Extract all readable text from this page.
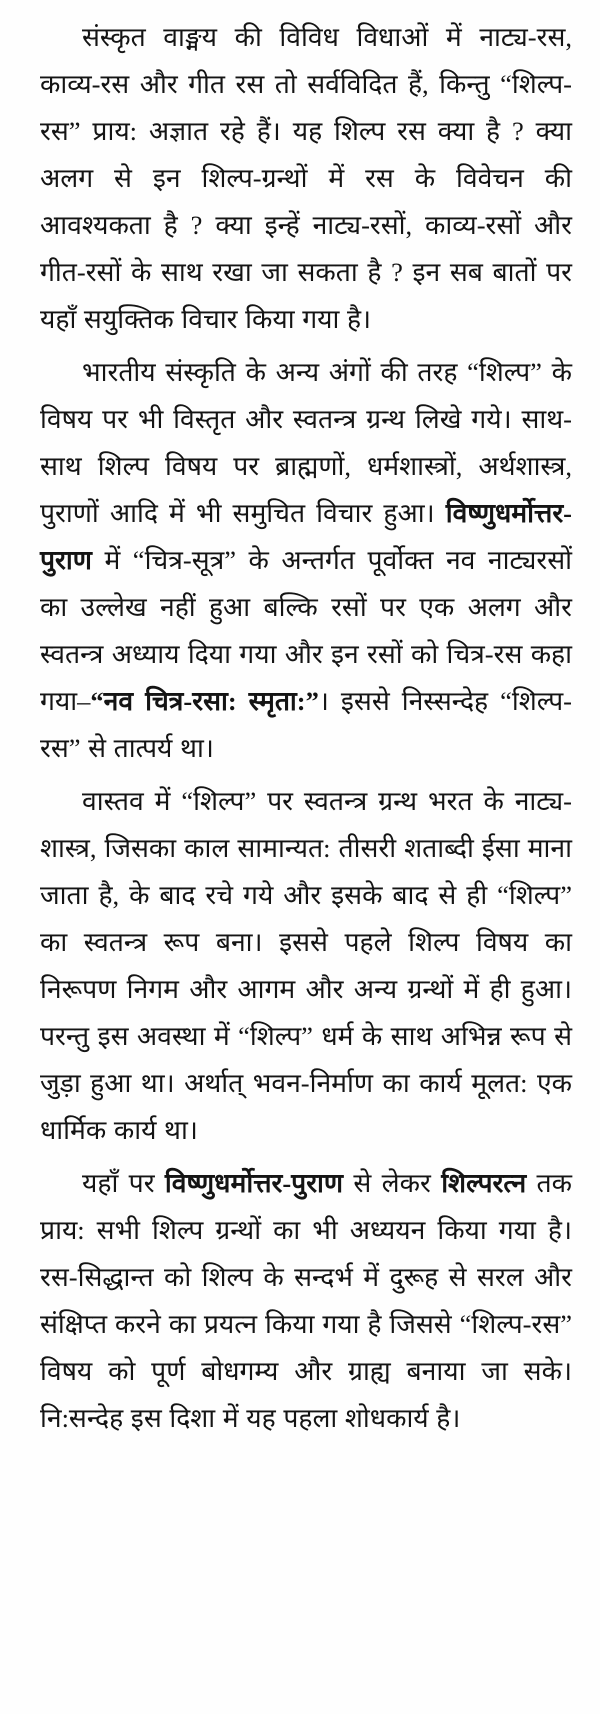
संस्कृत वाङ्मय की विविध विधाओं में नाट्य-रस, काव्य-रस और गीत रस तो सर्वविदित हैं, किन्तु “शिल्प-रस” प्राय: अज्ञात रहे हैं। यह शिल्प रस क्या है ? क्या अलग से इन शिल्प-ग्रन्थों में रस के विवेचन की आवश्यकता है ? क्या इन्हें नाट्य-रसों, काव्य-रसों और गीत-रसों के साथ रखा जा सकता है ? इन सब बातों पर यहाँ सयुक्तिक विचार किया गया है।

भारतीय संस्कृति के अन्य अंगों की तरह “शिल्प” के विषय पर भी विस्तृत और स्वतन्त्र ग्रन्थ लिखे गये। साथ-साथ शिल्प विषय पर ब्राह्मणों, धर्मशास्त्रों, अर्थशास्त्र, पुराणों आदि में भी समुचित विचार हुआ। विष्णुधर्मोत्तर-पुराण में “चित्र-सूत्र” के अन्तर्गत पूर्वोक्त नव नाट्यरसों का उल्लेख नहीं हुआ बल्कि रसों पर एक अलग और स्वतन्त्र अध्याय दिया गया और इन रसों को चित्र-रस कहा गया–“नव चित्र-रसा: स्मृता:”। इससे निस्सन्देह “शिल्प-रस” से तात्पर्य था।

वास्तव में “शिल्प” पर स्वतन्त्र ग्रन्थ भरत के नाट्य-शास्त्र, जिसका काल सामान्यत: तीसरी शताब्दी ईसा माना जाता है, के बाद रचे गये और इसके बाद से ही “शिल्प” का स्वतन्त्र रूप बना। इससे पहले शिल्प विषय का निरूपण निगम और आगम और अन्य ग्रन्थों में ही हुआ। परन्तु इस अवस्था में “शिल्प” धर्म के साथ अभिन्न रूप से जुड़ा हुआ था। अर्थात् भवन-निर्माण का कार्य मूलत: एक धार्मिक कार्य था।

यहाँ पर विष्णुधर्मोत्तर-पुराण से लेकर शिल्परत्न तक प्राय: सभी शिल्प ग्रन्थों का भी अध्ययन किया गया है। रस-सिद्धान्त को शिल्प के सन्दर्भ में दुरूह से सरल और संक्षिप्त करने का प्रयत्न किया गया है जिससे “शिल्प-रस” विषय को पूर्ण बोधगम्य और ग्राह्य बनाया जा सके। नि:सन्देह इस दिशा में यह पहला शोधकार्य है।
